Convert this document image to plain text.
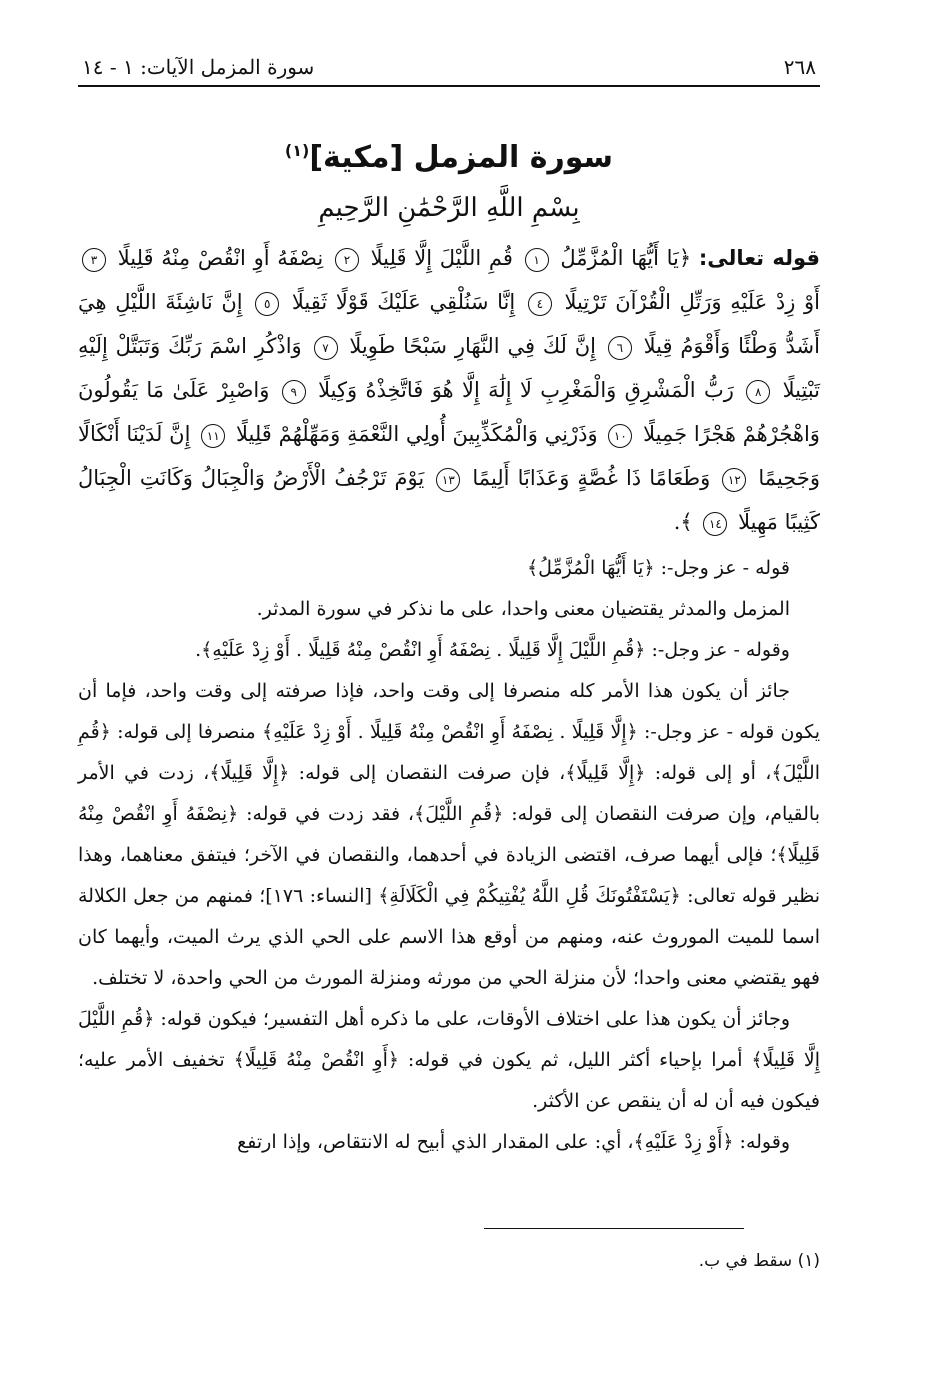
٢٦٨
سورة المزمل الآيات: ١ - ١٤
سورة المزمل [مكية]$^{(١)}$
بِسْمِ اللَّهِ الرَّحْمَٰنِ الرَّحِيمِ
قوله تعالى: ﴿يَا أَيُّهَا الْمُزَّمِّلُ ١ قُمِ اللَّيْلَ إِلَّا قَلِيلًا ٢ نِصْفَهُ أَوِ انْقُصْ مِنْهُ قَلِيلًا ٣ أَوْ زِدْ عَلَيْهِ وَرَتِّلِ الْقُرْآنَ تَرْتِيلًا ٤ إِنَّا سَنُلْقِي عَلَيْكَ قَوْلًا ثَقِيلًا ٥ إِنَّ نَاشِئَةَ اللَّيْلِ هِيَ أَشَدُّ وَطْئًا وَأَقْوَمُ قِيلًا ٦ إِنَّ لَكَ فِي النَّهَارِ سَبْحًا طَوِيلًا ٧ وَاذْكُرِ اسْمَ رَبِّكَ وَتَبَتَّلْ إِلَيْهِ تَبْتِيلًا ٨ رَبُّ الْمَشْرِقِ وَالْمَغْرِبِ لَا إِلَٰهَ إِلَّا هُوَ فَاتَّخِذْهُ وَكِيلًا ٩ وَاصْبِرْ عَلَىٰ مَا يَقُولُونَ وَاهْجُرْهُمْ هَجْرًا جَمِيلًا ١٠ وَذَرْنِي وَالْمُكَذِّبِينَ أُولِي النَّعْمَةِ وَمَهِّلْهُمْ قَلِيلًا ١١ إِنَّ لَدَيْنَا أَنْكَالًا وَجَحِيمًا ١٢ وَطَعَامًا ذَا غُصَّةٍ وَعَذَابًا أَلِيمًا ١٣ يَوْمَ تَرْجُفُ الْأَرْضُ وَالْجِبَالُ وَكَانَتِ الْجِبَالُ كَثِيبًا مَهِيلًا ١٤ ﴾.

قوله - عز وجل-: ﴿يَا أَيُّهَا الْمُزَّمِّلُ﴾

المزمل والمدثر يقتضيان معنى واحدا، على ما نذكر في سورة المدثر.

وقوله - عز وجل-: ﴿قُمِ اللَّيْلَ إِلَّا قَلِيلًا . نِصْفَهُ أَوِ انْقُصْ مِنْهُ قَلِيلًا . أَوْ زِدْ عَلَيْهِ﴾.

جائز أن يكون هذا الأمر كله منصرفا إلى وقت واحد، فإذا صرفته إلى وقت واحد، فإما أن يكون قوله - عز وجل-: ﴿إِلَّا قَلِيلًا . نِصْفَهُ أَوِ انْقُصْ مِنْهُ قَلِيلًا . أَوْ زِدْ عَلَيْهِ﴾ منصرفا إلى قوله: ﴿قُمِ اللَّيْلَ﴾، أو إلى قوله: ﴿إِلَّا قَلِيلًا﴾، فإن صرفت النقصان إلى قوله: ﴿إِلَّا قَلِيلًا﴾، زدت في الأمر بالقيام، وإن صرفت النقصان إلى قوله: ﴿قُمِ اللَّيْلَ﴾، فقد زدت في قوله: ﴿نِصْفَهُ أَوِ انْقُصْ مِنْهُ قَلِيلًا﴾؛ فإلى أيهما صرف، اقتضى الزيادة في أحدهما، والنقصان في الآخر؛ فيتفق معناهما، وهذا نظير قوله تعالى: ﴿يَسْتَفْتُونَكَ قُلِ اللَّهُ يُفْتِيكُمْ فِي الْكَلَالَةِ﴾ [النساء: ١٧٦]؛ فمنهم من جعل الكلالة اسما للميت الموروث عنه، ومنهم من أوقع هذا الاسم على الحي الذي يرث الميت، وأيهما كان فهو يقتضي معنى واحدا؛ لأن منزلة الحي من مورثه ومنزلة المورث من الحي واحدة، لا تختلف.

وجائز أن يكون هذا على اختلاف الأوقات، على ما ذكره أهل التفسير؛ فيكون قوله: ﴿قُمِ اللَّيْلَ إِلَّا قَلِيلًا﴾ أمرا بإحياء أكثر الليل، ثم يكون في قوله: ﴿أَوِ انْقُصْ مِنْهُ قَلِيلًا﴾ تخفيف الأمر عليه؛ فيكون فيه أن له أن ينقص عن الأكثر.

وقوله: ﴿أَوْ زِدْ عَلَيْهِ﴾، أي: على المقدار الذي أبيح له الانتقاص، وإذا ارتفع

(١) سقط في ب.
